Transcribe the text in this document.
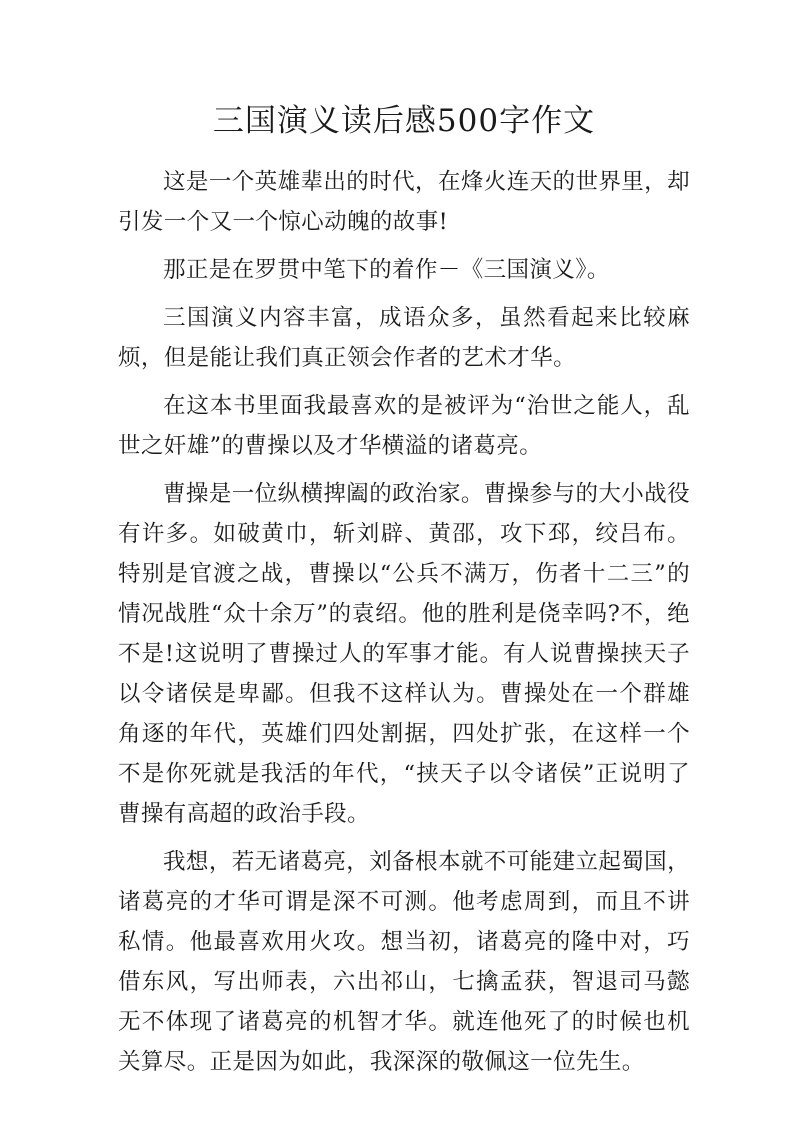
三国演义读后感500字作文

这是一个英雄辈出的时代，在烽火连天的世界里，却引发一个又一个惊心动魄的故事!

那正是在罗贯中笔下的着作－《三国演义》。

三国演义内容丰富，成语众多，虽然看起来比较麻烦，但是能让我们真正领会作者的艺术才华。

在这本书里面我最喜欢的是被评为“治世之能人，乱世之奸雄”的曹操以及才华横溢的诸葛亮。

曹操是一位纵横捭阖的政治家。曹操参与的大小战役有许多。如破黄巾，斩刘辟、黄邵，攻下邳，绞吕布。特别是官渡之战，曹操以“公兵不满万，伤者十二三”的情况战胜“众十余万”的袁绍。他的胜利是侥幸吗?不，绝不是!这说明了曹操过人的军事才能。有人说曹操挟天子以令诸侯是卑鄙。但我不这样认为。曹操处在一个群雄角逐的年代，英雄们四处割据，四处扩张，在这样一个不是你死就是我活的年代，“挟天子以令诸侯”正说明了曹操有高超的政治手段。

我想，若无诸葛亮，刘备根本就不可能建立起蜀国，诸葛亮的才华可谓是深不可测。他考虑周到，而且不讲私情。他最喜欢用火攻。想当初，诸葛亮的隆中对，巧借东风，写出师表，六出祁山，七擒孟获，智退司马懿无不体现了诸葛亮的机智才华。就连他死了的时候也机关算尽。正是因为如此，我深深的敬佩这一位先生。
